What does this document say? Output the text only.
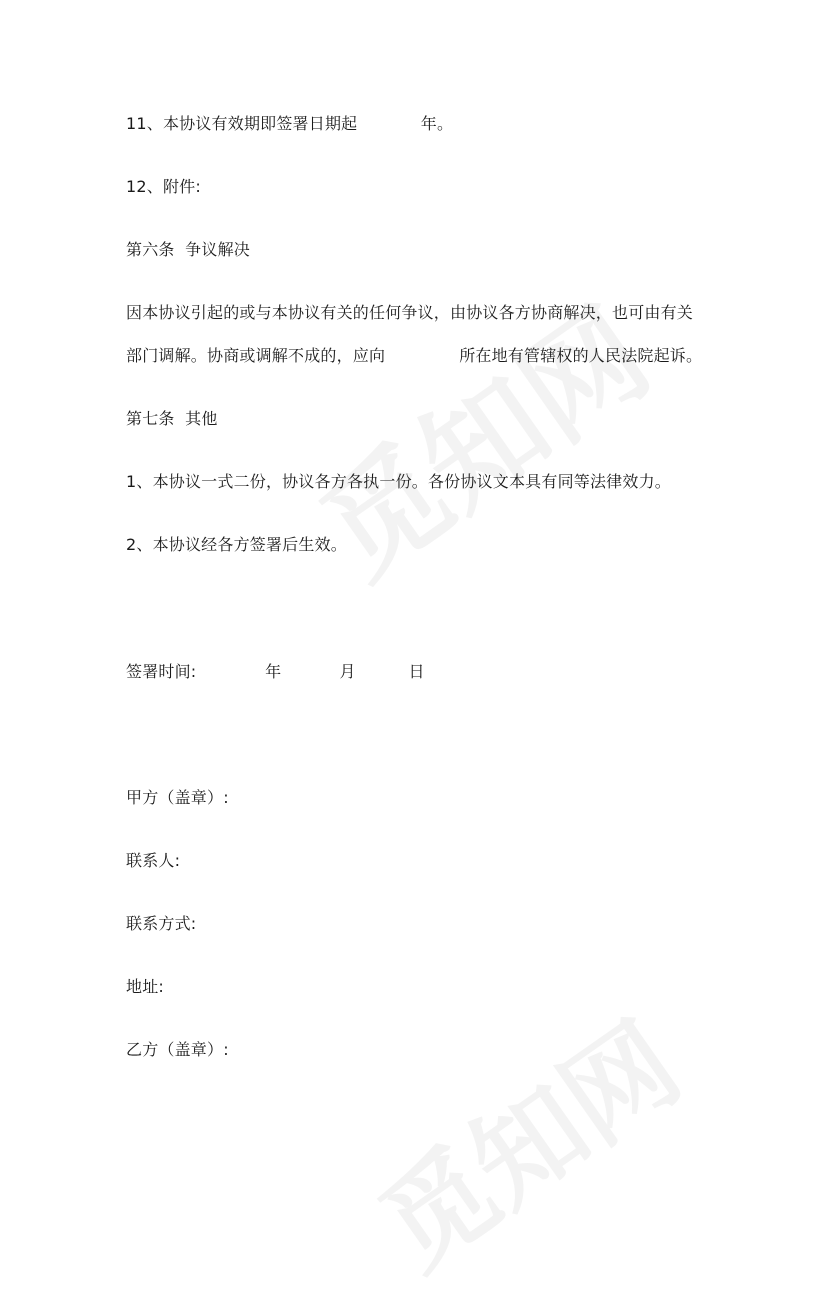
11、本协议有效期即签署日期起            年。
12、附件:
第六条  争议解决
因本协议引起的或与本协议有关的任何争议，由协议各方协商解决，也可由有关
部门调解。协商或调解不成的，应向              所在地有管辖权的人民法院起诉。
第七条  其他
1、本协议一式二份，协议各方各执一份。各份协议文本具有同等法律效力。
2、本协议经各方签署后生效。
签署时间:             年           月          日
甲方（盖章）:
联系人:
联系方式:
地址:
乙方（盖章）:
